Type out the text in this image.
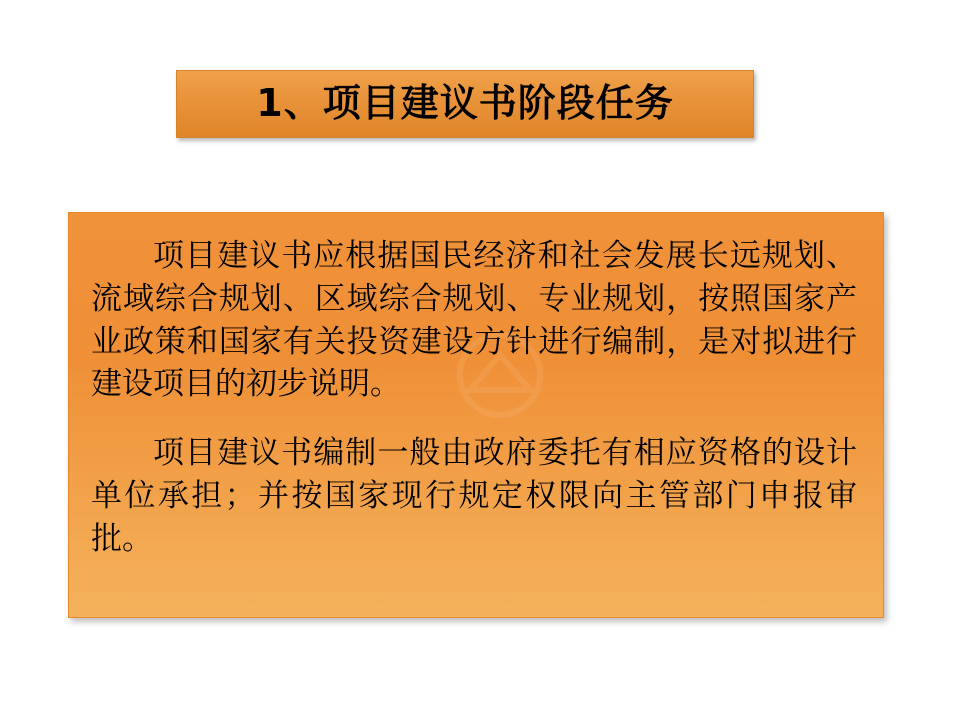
1、项目建议书阶段任务

项目建议书应根据国民经济和社会发展长远规划、流域综合规划、区域综合规划、专业规划，按照国家产业政策和国家有关投资建设方针进行编制，是对拟进行建设项目的初步说明。

项目建议书编制一般由政府委托有相应资格的设计单位承担；并按国家现行规定权限向主管部门申报审批。
